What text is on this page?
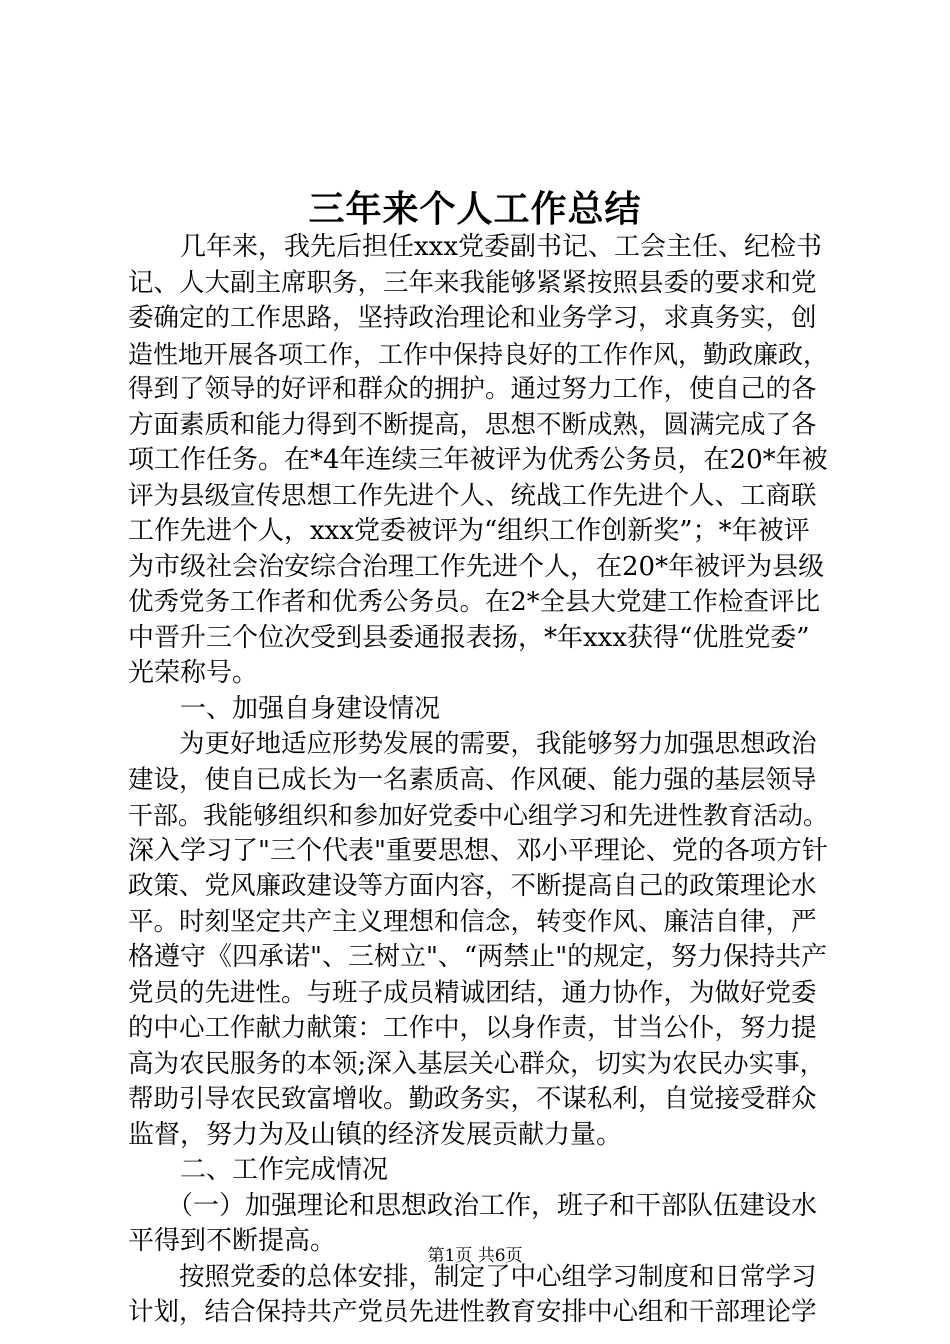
三年来个人工作总结
　　几年来，我先后担任xxx党委副书记、工会主任、纪检书
记、人大副主席职务，三年来我能够紧紧按照县委的要求和党
委确定的工作思路，坚持政治理论和业务学习，求真务实，创
造性地开展各项工作，工作中保持良好的工作作风，勤政廉政，
得到了领导的好评和群众的拥护。通过努力工作，使自己的各
方面素质和能力得到不断提高，思想不断成熟，圆满完成了各
项工作任务。在*4年连续三年被评为优秀公务员，在20*年被
评为县级宣传思想工作先进个人、统战工作先进个人、工商联
工作先进个人，xxx党委被评为“组织工作创新奖”；*年被评
为市级社会治安综合治理工作先进个人，在20*年被评为县级
优秀党务工作者和优秀公务员。在2*全县大党建工作检查评比
中晋升三个位次受到县委通报表扬，*年xxx获得“优胜党委”
光荣称号。
　　一、加强自身建设情况
　　为更好地适应形势发展的需要，我能够努力加强思想政治
建设，使自已成长为一名素质高、作风硬、能力强的基层领导
干部。我能够组织和参加好党委中心组学习和先进性教育活动。
深入学习了"三个代表"重要思想、邓小平理论、党的各项方针
政策、党风廉政建设等方面内容，不断提高自己的政策理论水
平。时刻坚定共产主义理想和信念，转变作风、廉洁自律，严
格遵守《四承诺"、三树立"、“两禁止"的规定，努力保持共产
党员的先进性。与班子成员精诚团结，通力协作，为做好党委
的中心工作献力献策：工作中，以身作责，甘当公仆，努力提
高为农民服务的本领;深入基层关心群众，切实为农民办实事，
帮助引导农民致富增收。勤政务实，不谋私利，自觉接受群众
监督，努力为及山镇的经济发展贡献力量。
　　二、工作完成情况
　　（一）加强理论和思想政治工作，班子和干部队伍建设水
平得到不断提高。
　　按照党委的总体安排，制定了中心组学习制度和日常学习
计划，结合保持共产党员先进性教育安排中心组和干部理论学
第1页 共6页
